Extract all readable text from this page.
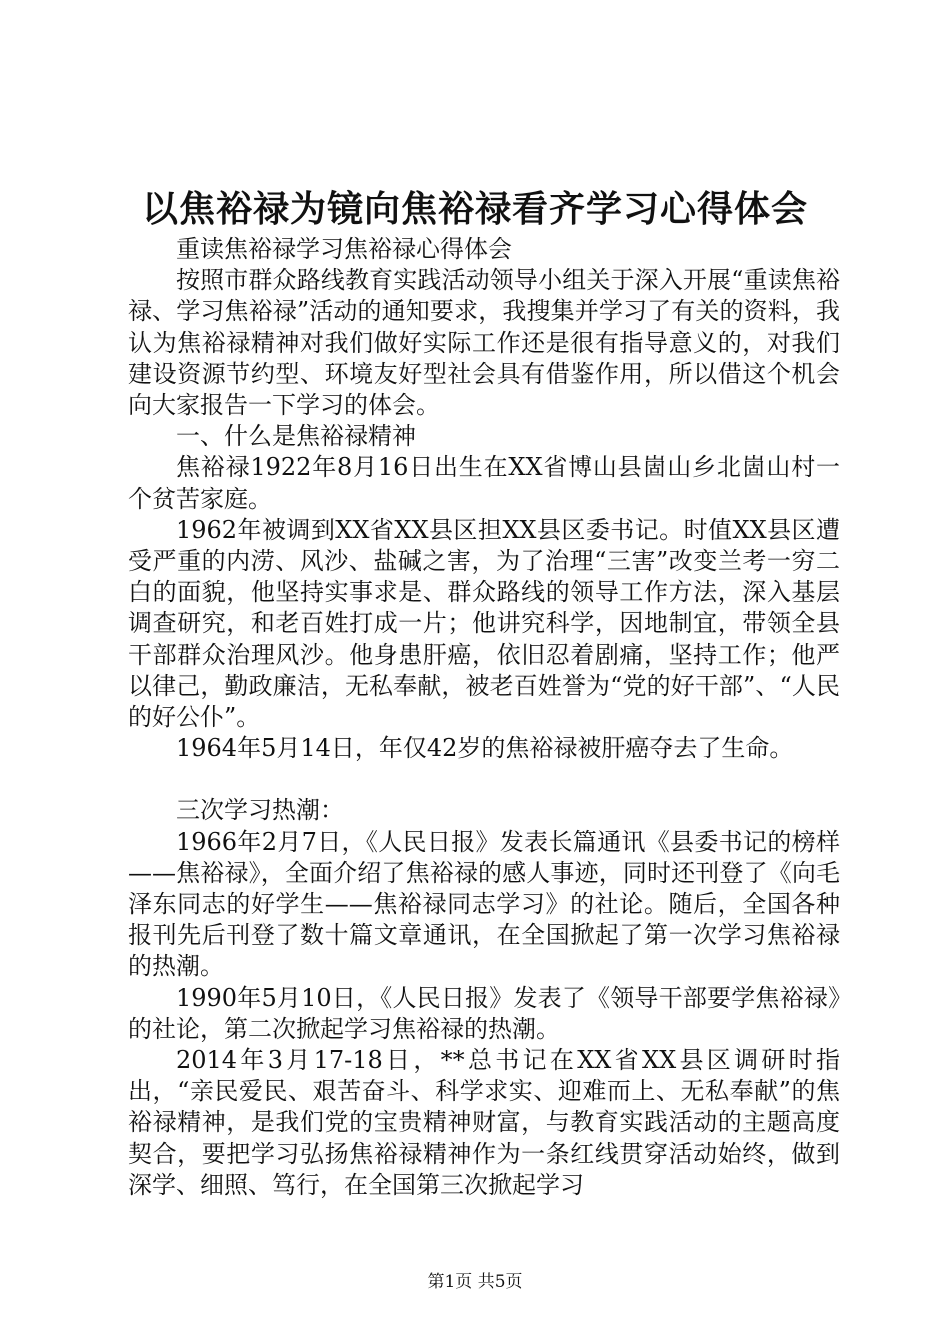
以焦裕禄为镜向焦裕禄看齐学习心得体会

重读焦裕禄学习焦裕禄心得体会

按照市群众路线教育实践活动领导小组关于深入开展“重读焦裕禄、学习焦裕禄”活动的通知要求，我搜集并学习了有关的资料，我认为焦裕禄精神对我们做好实际工作还是很有指导意义的，对我们建设资源节约型、环境友好型社会具有借鉴作用，所以借这个机会向大家报告一下学习的体会。

一、什么是焦裕禄精神

焦裕禄1922年8月16日出生在XX省博山县崮山乡北崮山村一个贫苦家庭。

1962年被调到XX省XX县区担XX县区委书记。时值XX县区遭受严重的内涝、风沙、盐碱之害，为了治理“三害”改变兰考一穷二白的面貌，他坚持实事求是、群众路线的领导工作方法，深入基层调查研究，和老百姓打成一片；他讲究科学，因地制宜，带领全县干部群众治理风沙。他身患肝癌，依旧忍着剧痛，坚持工作；他严以律己，勤政廉洁，无私奉献，被老百姓誉为“党的好干部”、“人民的好公仆”。

1964年5月14日，年仅42岁的焦裕禄被肝癌夺去了生命。

三次学习热潮：

1966年2月7日，《人民日报》发表长篇通讯《县委书记的榜样——焦裕禄》，全面介绍了焦裕禄的感人事迹，同时还刊登了《向毛泽东同志的好学生——焦裕禄同志学习》的社论。随后，全国各种报刊先后刊登了数十篇文章通讯，在全国掀起了第一次学习焦裕禄的热潮。

1990年5月10日，《人民日报》发表了《领导干部要学焦裕禄》的社论，第二次掀起学习焦裕禄的热潮。

2014年3月17-18日，**总书记在XX省XX县区调研时指出，“亲民爱民、艰苦奋斗、科学求实、迎难而上、无私奉献”的焦裕禄精神，是我们党的宝贵精神财富，与教育实践活动的主题高度契合，要把学习弘扬焦裕禄精神作为一条红线贯穿活动始终，做到深学、细照、笃行，在全国第三次掀起学习

第1页 共5页
